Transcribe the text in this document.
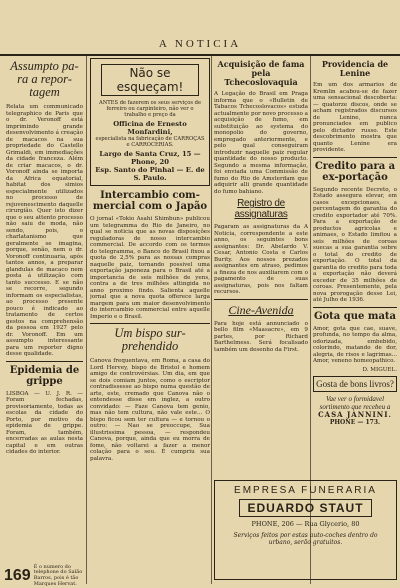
A NOTICIA
Assumpto pa-ra a repor-tagem

Relata um communicado telegraphico de Paris que o dr. Veronoff está imprimindo grande desenvolvimento á creação de macacos na sua propriedade do Castello Grimaldi, em immediações da cidade franceza. Além de criar macacos, o dr. Voronoff ainda se importa da Africa equatorial, habitat dos simios especialmente utilizados no processo de rejuvenescimento daquelle cirurgião. Quer isto dizer que o seu attento processo não saiu de moda, não sendo, pois, o charlatanismo que geralmente se imagina, porque, senão, nem o dr. Voronoff continuaria, após tantos annos, a preparar glandulas de macaco nem posta á utilização com tanto successo. E se não se recorre, segundo informam os especialistas, ao processo presente pouco é indicado ao tratamento de certos gestos na comprehensão da pessoa em 1927 pelo dr. Voronoff. Em um assumpto interessante para um reporter digno desse qualidade.

Epidemia de grippe

LISBOA — U. J. R. — Foram fechadas, provisoriamente, todas as escolas da cidade do Porto, por motivo da epidemia de grippe. Foram, também, encerradas as aulas nesta capital e em outras cidades do interior.

169
É o numero do telephone do Salão Barros, pois é tão Marques Hervat.
Não se esqueçam!
ANTES de fazerem os seus serviços de ferreiro ou carpinteiro, não ver o trabalho e preço da
Officina de Ernesto Monfardini,
especialista na fabricação de CARROÇAS e CARROCERIAS.
Largo de Santa Cruz, 15 — Phone, 20
Esp. Santo do Pinhal — E. de S. Paulo.
Intercambio com-mercial com o Japão

O jornal «Tokio Asahi Shimbun» publicou um telegramma do Rio de Janeiro, no qual se noticia que as novas disposições reguladoras de nosso intercambio commercial. De accordo com os termos do telegramma, o Banco do Brasil fixou a quota de 2,5% para as nossas compras naquelle paiz, tornando possivel uma exportação japoneza para o Brasil até a importancia de seis milhões de yens, contra a de tres milhões attingida no anno proximo findo. Salienta aquelle jornal que a nova quota offerece larga margem para um maior desenvolvimento do intercambio commercial entre aquelle Imperio e o Brasil.

Um bispo sur-prehendido

Canova frequentava, em Roma, a casa do Lord Hervey, bispo de Bristol e homem amigo de controvérsias. Um dia, em que se dois comiam juntos, como o escriptor contradissesse ao bispo numa questão de arte, este, cremado que Canova não o entendesse disse em inglez, a outro convidado: — Faze Canova tem genio, mas não tem cultura, não vale este... O bispo ficou sem ter cultura — e tornou o outro: — Nao se preoccupe, Sua illustrissima pessoa, — respondeu Canova, porque, ainda que eu morra de fome, não voltarei a fazer a menor colação para o seu. É cumpriu sua palavra.

Acquisição de fama pela Tchecoslovaquia

A Legação do Brasil em Praga informa que o «Bulletin de Tabacos Tchecoslovacos» estuda actualmente por novo processo a acquisição de fumo, em substituição ao systema do monopolio do governo, empregado anteriormente, e pelo qual conseguiram introduzir naquelle paiz regular quantidade do nosso producto. Segundo a mesma informação, foi enviada uma Commissão de fumo do Rio de Amsterdam que adquirir alli grande quantidade do fumo bahiano.

Registro de assignaturas

Pagaram as assignaturas da A Noticia, correspondente a este anno, os seguintes bons assignantes: Dr. Abelardo V. Cesar, Antonio Costa e Carlos Burity. Aos nossos prezados assignantes em atraso, pedimos a fineza de nos auxiliarem com o pagamento de suas assignaturas, pois nos faltam recursos.

Cine-Avenida

Para hoje está annunciado o bello film «Maasacre», em 9 partes, por Richard Barthelmess. Será focalisado também um desenho da First.

Providencia de Lenine

Em um dos armarios de Kremlin acabou-se de fazer uma sensacional descoberta: — quatorze discos, onde se acham registrados discursos de Lenine, nunca pronunciados em publico pelo dictador russo. Este descobrimento mostra que quanto Lenine era providente.

Credito para a ex-portação

Segundo recente Decreto, o Estado assegura elevar, em casos excepcionaes, a percentagem do garantia do credito exportador até 70%. Para a exportação de productos agricolas e animaes, o Estado limitou a seis milhões de coroas suecas a sua garantia sobre o total do credito de exportação. O total da garantia do credito para toda a exportação não deverá exceder de 35 milhões de coroas. Presentemente, pela nova prorogação desse Lei, até Julho de 1936.

Gota que mata

Amor, gota que cae, suave, profunda, no tempo da alma, odorizada, embebido, colorindo, matando de dor, alegria, de risos e lagrimas... Amor, veneno homeopathico.

D. MIGUEL.
Gosta de bons livros?
Vae ver o formidavel sortimento que recebeu a
CASA JANNINI.
PHONE — 173.
EMPRESA FUNERARIA
EDUARDO STAUT
PHONE, 206 — Rua Glycerio, 80
Serviços feitos por estas auto-coches dentro do urbano, serão gratuitos.
